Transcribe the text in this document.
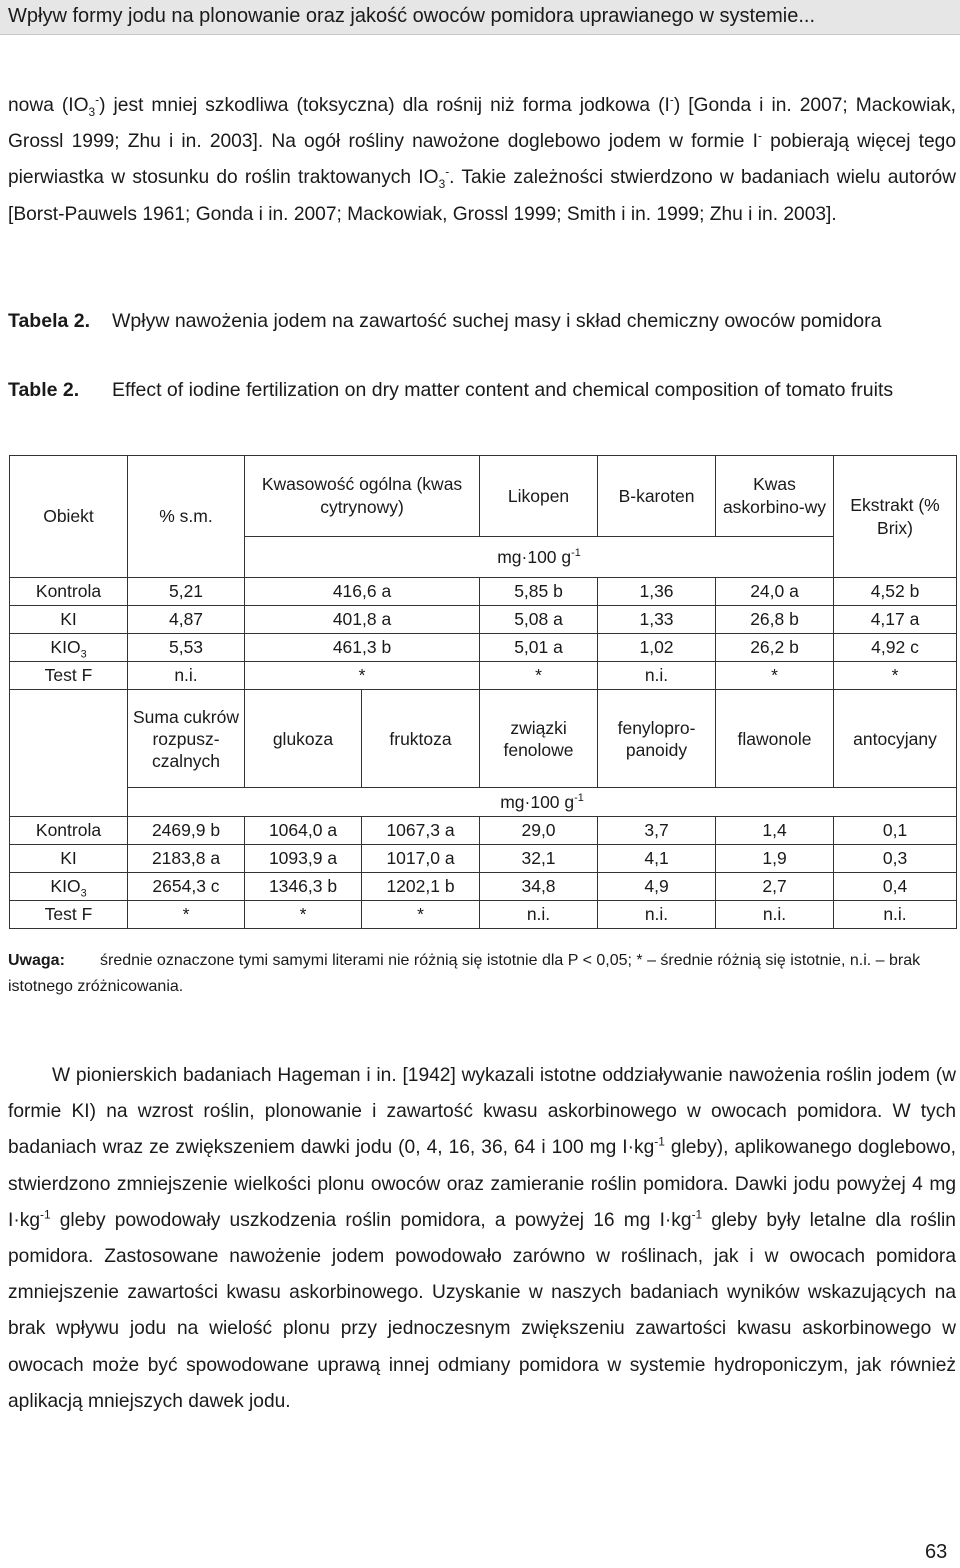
Wpływ formy jodu na plonowanie oraz jakość owoców pomidora uprawianego w systemie...

nowa $(IO_3^-)$ jest mniej szkodliwa (toksyczna) dla rośnij niż forma jodkowa (I-) [Gonda i in. 2007; Mackowiak, Grossl 1999; Zhu i in. 2003]. Na ogół rośliny nawożone doglebowo jodem w formie I- pobierają więcej tego pierwiastka w stosunku do roślin traktowanych $IO_3^-$. Takie zależności stwierdzono w badaniach wielu autorów [Borst-Pauwels 1961; Gonda i in. 2007; Mackowiak, Grossl 1999; Smith i in. 1999; Zhu i in. 2003].

Tabela 2. Wpływ nawożenia jodem na zawartość suchej masy i skład chemiczny owoców pomidora
Table 2. Effect of iodine fertilization on dry matter content and chemical composition of tomato fruits
Obiekt	% s.m.	Kwasowość ogólna (kwas cytrynowy)		Likopen	B-karoten	Kwas askorbino-wy	Ekstrakt (% Brix)
		mg·100 $g^{-1}$
Kontrola	5,21	416,6 a		5,85 b	1,36	24,0 a	4,52 b
KI	4,87	401,8 a		5,08 a	1,33	26,8 b	4,17 a
$KIO_3$	5,53	461,3 b		5,01 a	1,02	26,2 b	4,92 c
Test F	n.i.	*		*	n.i.	*	*
	Suma cukrów rozpusz-czalnych	glukoza	fruktoza	związki fenolowe	fenylopro-panoidy	flawonole	antocyjany
	mg·100 $g^{-1}$
Kontrola	2469,9 b	1064,0 a	1067,3 a	29,0	3,7	1,4	0,1
KI	2183,8 a	1093,9 a	1017,0 a	32,1	4,1	1,9	0,3
$KIO_3$	2654,3 c	1346,3 b	1202,1 b	34,8	4,9	2,7	0,4
Test F	*	*	*	n.i.	n.i.	n.i.	n.i.

Uwaga: średnie oznaczone tymi samymi literami nie różnią się istotnie dla P < 0,05; * – średnie różnią się istotnie, n.i. – brak istotnego zróżnicowania.

W pionierskich badaniach Hageman i in. [1942] wykazali istotne oddziaływanie nawożenia roślin jodem (w formie KI) na wzrost roślin, plonowanie i zawartość kwasu askorbinowego w owocach pomidora. W tych badaniach wraz ze zwiększeniem dawki jodu (0, 4, 16, 36, 64 i 100 mg $I\cdot kg^{-1}$ gleby), aplikowanego doglebowo, stwierdzono zmniejszenie wielkości plonu owoców oraz zamieranie roślin pomidora. Dawki jodu powyżej 4 mg $I\cdot kg^{-1}$ gleby powodowały uszkodzenia roślin pomidora, a powyżej 16 mg $I\cdot kg^{-1}$ gleby były letalne dla roślin pomidora. Zastosowane nawożenie jodem powodowało zarówno w roślinach, jak i w owocach pomidora zmniejszenie zawartości kwasu askorbinowego. Uzyskanie w naszych badaniach wyników wskazujących na brak wpływu jodu na wielość plonu przy jednoczesnym zwiększeniu zawartości kwasu askorbinowego w owocach może być spowodowane uprawą innej odmiany pomidora w systemie hydroponiczym, jak również aplikacją mniejszych dawek jodu.

63
